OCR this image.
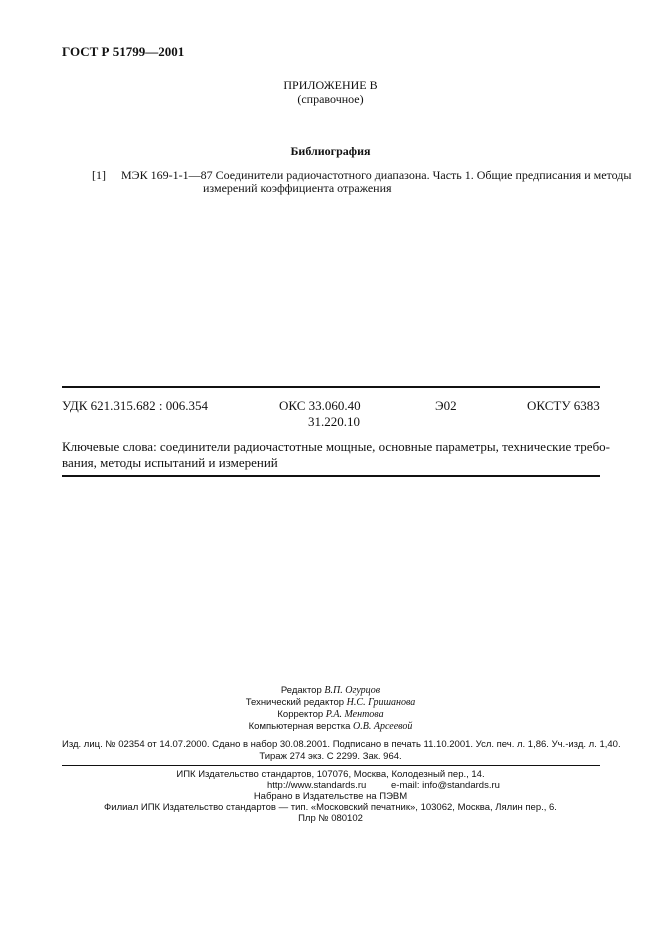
ГОСТ Р 51799—2001
ПРИЛОЖЕНИЕ В
(справочное)
Библиография
[1] МЭК 169-1-1—87 Соединители радиочастотного диапазона. Часть 1. Общие предписания и методы
измерений коэффициента отражения
УДК 621.315.682 : 006.354	ОКС 33.060.40
31.220.10
Э02	ОКСТУ 6383
Ключевые слова: соединители радиочастотные мощные, основные параметры, технические требо-
вания, методы испытаний и измерений
Редактор В.П. Огурцов
Технический редактор Н.С. Гришанова
Корректор Р.А. Ментова
Компьютерная верстка О.В. Арсеевой
Изд. лиц. № 02354 от 14.07.2000. Сдано в набор 30.08.2001. Подписано в печать 11.10.2001. Усл. печ. л. 1,86. Уч.-изд. л. 1,40.
Тираж 274 экз. С 2299. Зак. 964.
ИПК Издательство стандартов, 107076, Москва, Колодезный пер., 14.
http://www.standards.ru	e-mail: info@standards.ru
Набрано в Издательстве на ПЭВМ
Филиал ИПК Издательство стандартов — тип. «Московский печатник», 103062, Москва, Лялин пер., 6.
Плр № 080102
